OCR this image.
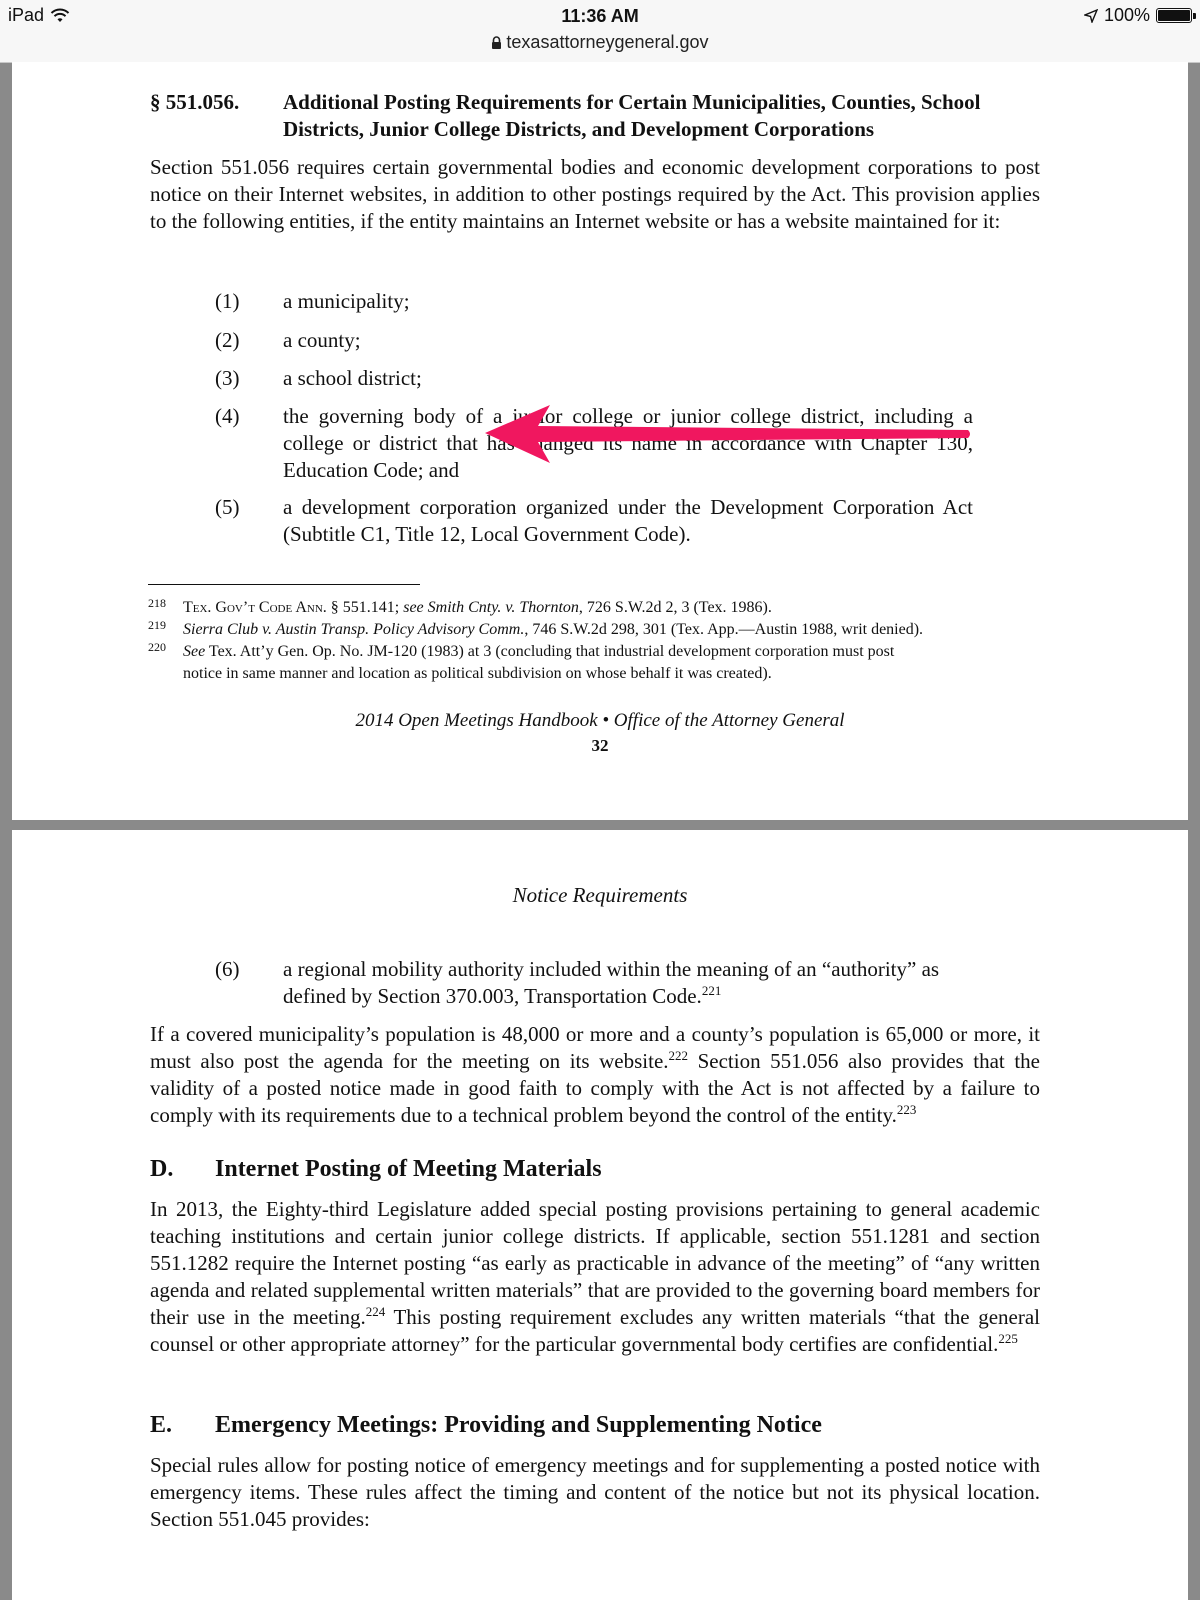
iPad	11:36 AM
texasattorneygeneral.gov
100%
§ 551.056. Additional Posting Requirements for Certain Municipalities, Counties, School
Districts, Junior College Districts, and Development Corporations
Section 551.056 requires certain governmental bodies and economic development corporations to post notice on their Internet websites, in addition to other postings required by the Act. This provision applies to the following entities, if the entity maintains an Internet website or has a website maintained for it:
(1) a municipality;
(2) a county;
(3) a school district;
(4) the governing body of a junior college or junior college district, including a college or district that has changed its name in accordance with Chapter 130, Education Code; and
(5) a development corporation organized under the Development Corporation Act (Subtitle C1, Title 12, Local Government Code).
218 Tex. Gov’t Code Ann. § 551.141; see Smith Cnty. v. Thornton, 726 S.W.2d 2, 3 (Tex. 1986).
219 Sierra Club v. Austin Transp. Policy Advisory Comm., 746 S.W.2d 298, 301 (Tex. App.—Austin 1988, writ denied).
220 See Tex. Att’y Gen. Op. No. JM-120 (1983) at 3 (concluding that industrial development corporation must post
notice in same manner and location as political subdivision on whose behalf it was created).
2014 Open Meetings Handbook • Office of the Attorney General
32
Notice Requirements
(6) a regional mobility authority included within the meaning of an “authority” as
defined by Section 370.003, Transportation Code.$^{221}$
If a covered municipality’s population is 48,000 or more and a county’s population is 65,000 or more, it must also post the agenda for the meeting on its website.$^{222}$ Section 551.056 also provides that the validity of a posted notice made in good faith to comply with the Act is not affected by a failure to comply with its requirements due to a technical problem beyond the control of the entity.$^{223}$
D. Internet Posting of Meeting Materials
In 2013, the Eighty-third Legislature added special posting provisions pertaining to general academic teaching institutions and certain junior college districts. If applicable, section 551.1281 and section 551.1282 require the Internet posting “as early as practicable in advance of the meeting” of “any written agenda and related supplemental written materials” that are provided to the governing board members for their use in the meeting.$^{224}$ This posting requirement excludes any written materials “that the general counsel or other appropriate attorney” for the particular governmental body certifies are confidential.$^{225}$
E. Emergency Meetings: Providing and Supplementing Notice
Special rules allow for posting notice of emergency meetings and for supplementing a posted notice with emergency items. These rules affect the timing and content of the notice but not its physical location. Section 551.045 provides:
